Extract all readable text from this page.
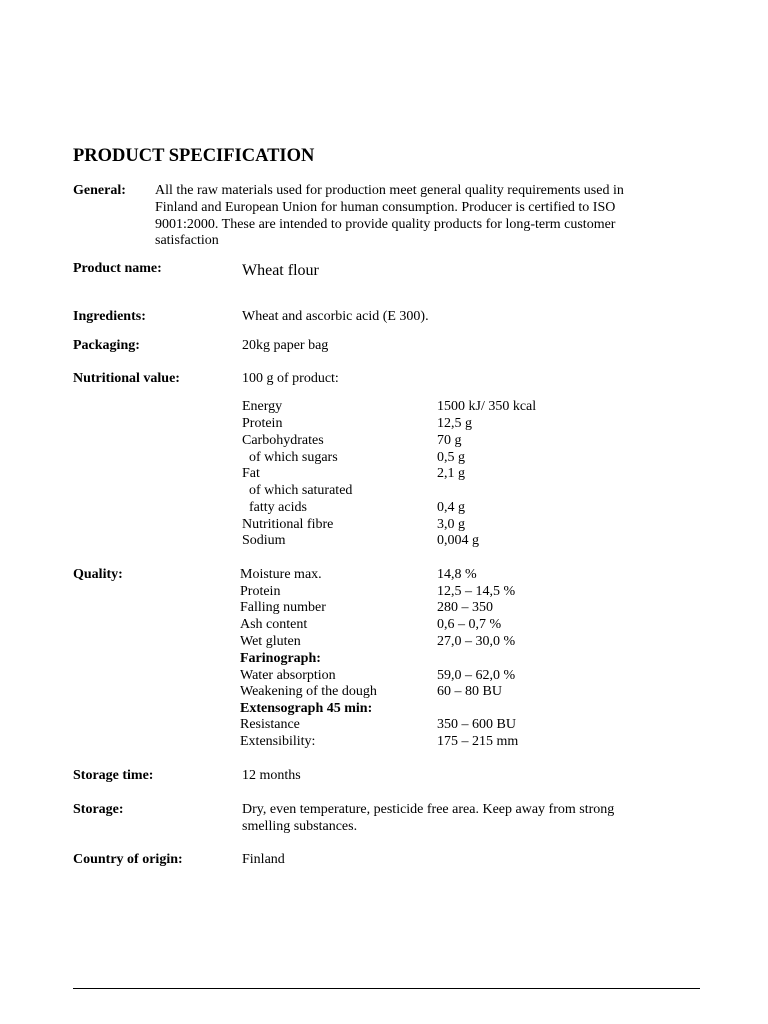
PRODUCT SPECIFICATION
General: All the raw materials used for production meet general quality requirements used in
Finland and European Union for human consumption. Producer is certified to ISO
9001:2000. These are intended to provide quality products for long-term customer
satisfaction
Product name:	Wheat flour
Ingredients:	Wheat and ascorbic acid (E 300).
Packaging:	20kg paper bag
Nutritional value:	100 g of product:
Energy	1500 kJ/ 350 kcal
Protein	12,5 g
Carbohydrates	70 g
of which sugars	0,5 g
Fat	2,1 g
of which saturated
fatty acids	0,4 g
Nutritional fibre	3,0 g
Sodium	0,004 g
Quality:	Moisture max.	14,8 %
Protein	12,5 – 14,5 %
Falling number	280 – 350
Ash content	0,6 – 0,7 %
Wet gluten	27,0 – 30,0 %
Farinograph:
Water absorption	59,0 – 62,0 %
Weakening of the dough	60 – 80 BU
Extensograph 45 min:
Resistance	350 – 600 BU
Extensibility:	175 – 215 mm
Storage time:	12 months
Storage:	Dry, even temperature, pesticide free area. Keep away from strong
smelling substances.
Country of origin:	Finland
